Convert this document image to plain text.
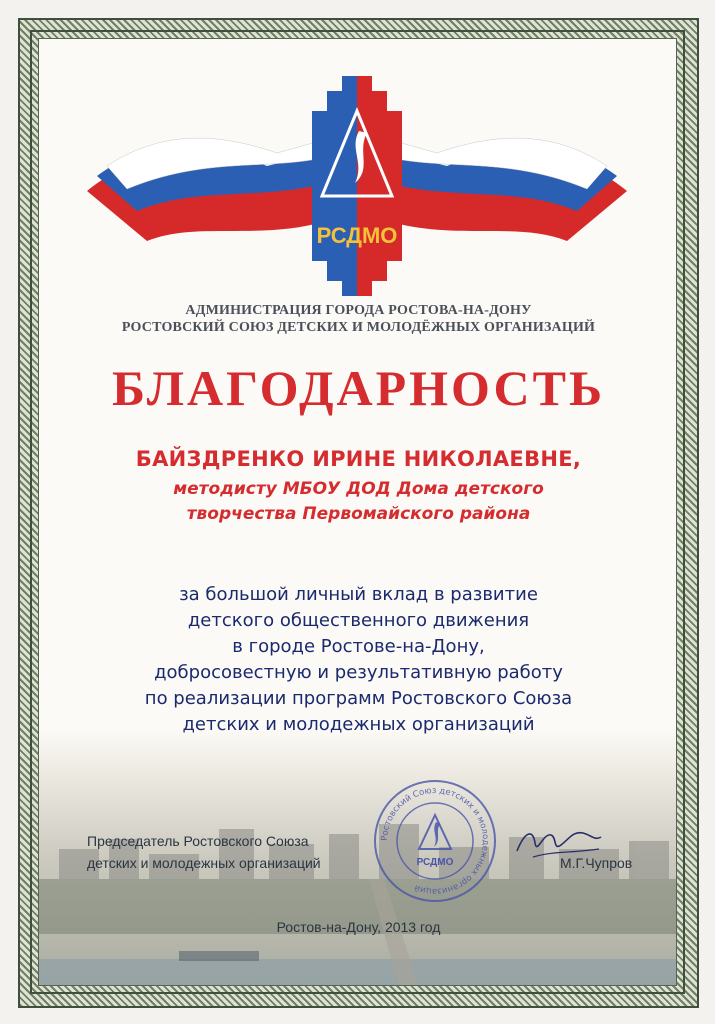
РСДМО
АДМИНИСТРАЦИЯ ГОРОДА РОСТОВА-НА-ДОНУ
РОСТОВСКИЙ СОЮЗ ДЕТСКИХ И МОЛОДЁЖНЫХ ОРГАНИЗАЦИЙ
БЛАГОДАРНОСТЬ
БАЙЗДРЕНКО ИРИНЕ НИКОЛАЕВНЕ,
методисту МБОУ ДОД Дома детского
творчества Первомайского района
за большой личный вклад в развитие
детского общественного движения
в городе Ростове-на-Дону,
добросовестную и результативную работу
по реализации программ Ростовского Союза
детских и молодежных организаций
Председатель Ростовского Союза
детских и молодежных организаций	М.Г.Чупров
Ростовский Союз детских и молодежных организаций
РСДМО
Ростов-на-Дону, 2013 год
